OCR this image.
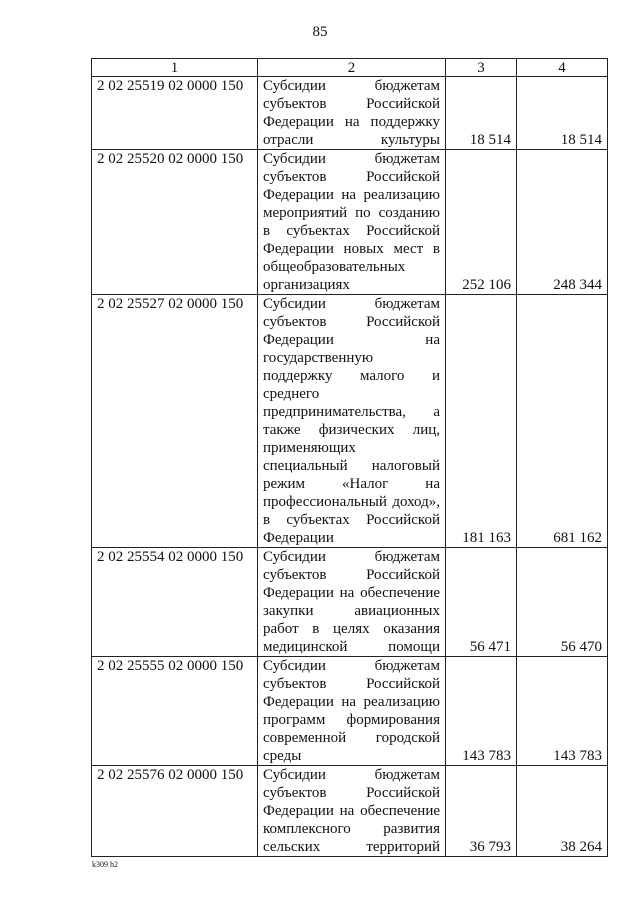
85
1	2	3	4
2 02 25519 02 0000 150	Субсидии бюджетам субъектов Российской Федерации на поддержку отрасли культуры	18 514	18 514
2 02 25520 02 0000 150	Субсидии бюджетам субъектов Российской Федерации на реализацию мероприятий по созданию в субъектах Российской Федерации новых мест в общеобразовательных организациях	252 106	248 344
2 02 25527 02 0000 150	Субсидии бюджетам субъектов Российской Федерации на государственную поддержку малого и среднего предпринимательства, а также физических лиц, применяющих специальный налоговый режим «Налог на профессиональный доход», в субъектах Российской Федерации	181 163	681 162
2 02 25554 02 0000 150	Субсидии бюджетам субъектов Российской Федерации на обеспечение закупки авиационных работ в целях оказания медицинской помощи	56 471	56 470
2 02 25555 02 0000 150	Субсидии бюджетам субъектов Российской Федерации на реализацию программ формирования современной городской среды	143 783	143 783
2 02 25576 02 0000 150	Субсидии бюджетам субъектов Российской Федерации на обеспечение комплексного развития сельских территорий	36 793	38 264
k309 h2
